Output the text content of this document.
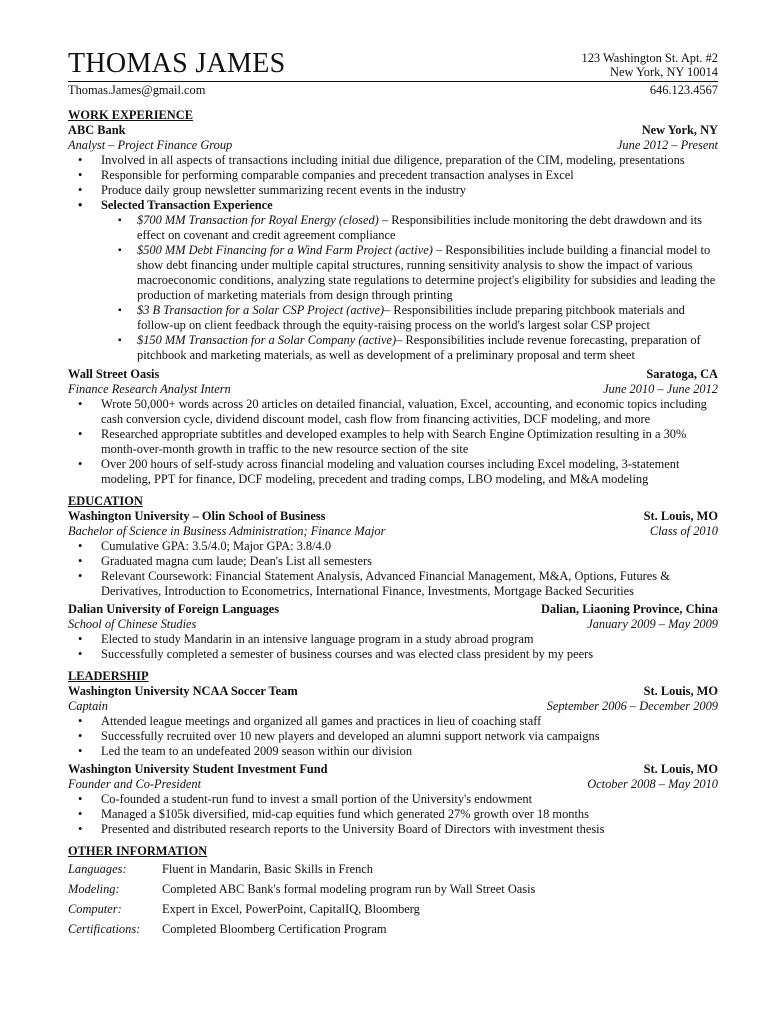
THOMAS JAMES	123 Washington St. Apt. #2
New York, NY 10014
Thomas.James@gmail.com	646.123.4567
WORK EXPERIENCE
ABC Bank	New York, NY
Analyst – Project Finance Group	June 2012 – Present
• Involved in all aspects of transactions including initial due diligence, preparation of the CIM, modeling, presentations
• Responsible for performing comparable companies and precedent transaction analyses in Excel
• Produce daily group newsletter summarizing recent events in the industry
• Selected Transaction Experience
▪ $700 MM Transaction for Royal Energy (closed) – Responsibilities include monitoring the debt drawdown and its effect on covenant and credit agreement compliance
▪ $500 MM Debt Financing for a Wind Farm Project (active) – Responsibilities include building a financial model to show debt financing under multiple capital structures, running sensitivity analysis to show the impact of various macroeconomic conditions, analyzing state regulations to determine project's eligibility for subsidies and leading the production of marketing materials from design through printing
▪ $3 B Transaction for a Solar CSP Project (active)– Responsibilities include preparing pitchbook materials and follow-up on client feedback through the equity-raising process on the world's largest solar CSP project
▪ $150 MM Transaction for a Solar Company (active)– Responsibilities include revenue forecasting, preparation of pitchbook and marketing materials, as well as development of a preliminary proposal and term sheet
Wall Street Oasis	Saratoga, CA
Finance Research Analyst Intern	June 2010 – June 2012
• Wrote 50,000+ words across 20 articles on detailed financial, valuation, Excel, accounting, and economic topics including cash conversion cycle, dividend discount model, cash flow from financing activities, DCF modeling, and more
• Researched appropriate subtitles and developed examples to help with Search Engine Optimization resulting in a 30% month-over-month growth in traffic to the new resource section of the site
• Over 200 hours of self-study across financial modeling and valuation courses including Excel modeling, 3-statement modeling, PPT for finance, DCF modeling, precedent and trading comps, LBO modeling, and M&A modeling
EDUCATION
Washington University – Olin School of Business	St. Louis, MO
Bachelor of Science in Business Administration; Finance Major	Class of 2010
• Cumulative GPA: 3.5/4.0; Major GPA: 3.8/4.0
• Graduated magna cum laude; Dean's List all semesters
• Relevant Coursework: Financial Statement Analysis, Advanced Financial Management, M&A, Options, Futures & Derivatives, Introduction to Econometrics, International Finance, Investments, Mortgage Backed Securities
Dalian University of Foreign Languages	Dalian, Liaoning Province, China
School of Chinese Studies	January 2009 – May 2009
• Elected to study Mandarin in an intensive language program in a study abroad program
• Successfully completed a semester of business courses and was elected class president by my peers
LEADERSHIP
Washington University NCAA Soccer Team	St. Louis, MO
Captain	September 2006 – December 2009
• Attended league meetings and organized all games and practices in lieu of coaching staff
• Successfully recruited over 10 new players and developed an alumni support network via campaigns
• Led the team to an undefeated 2009 season within our division
Washington University Student Investment Fund	St. Louis, MO
Founder and Co-President	October 2008 – May 2010
• Co-founded a student-run fund to invest a small portion of the University's endowment
• Managed a $105k diversified, mid-cap equities fund which generated 27% growth over 18 months
• Presented and distributed research reports to the University Board of Directors with investment thesis
OTHER INFORMATION
Languages:	Fluent in Mandarin, Basic Skills in French
Modeling:	Completed ABC Bank's formal modeling program run by Wall Street Oasis
Computer:	Expert in Excel, PowerPoint, CapitalIQ, Bloomberg
Certifications:	Completed Bloomberg Certification Program
